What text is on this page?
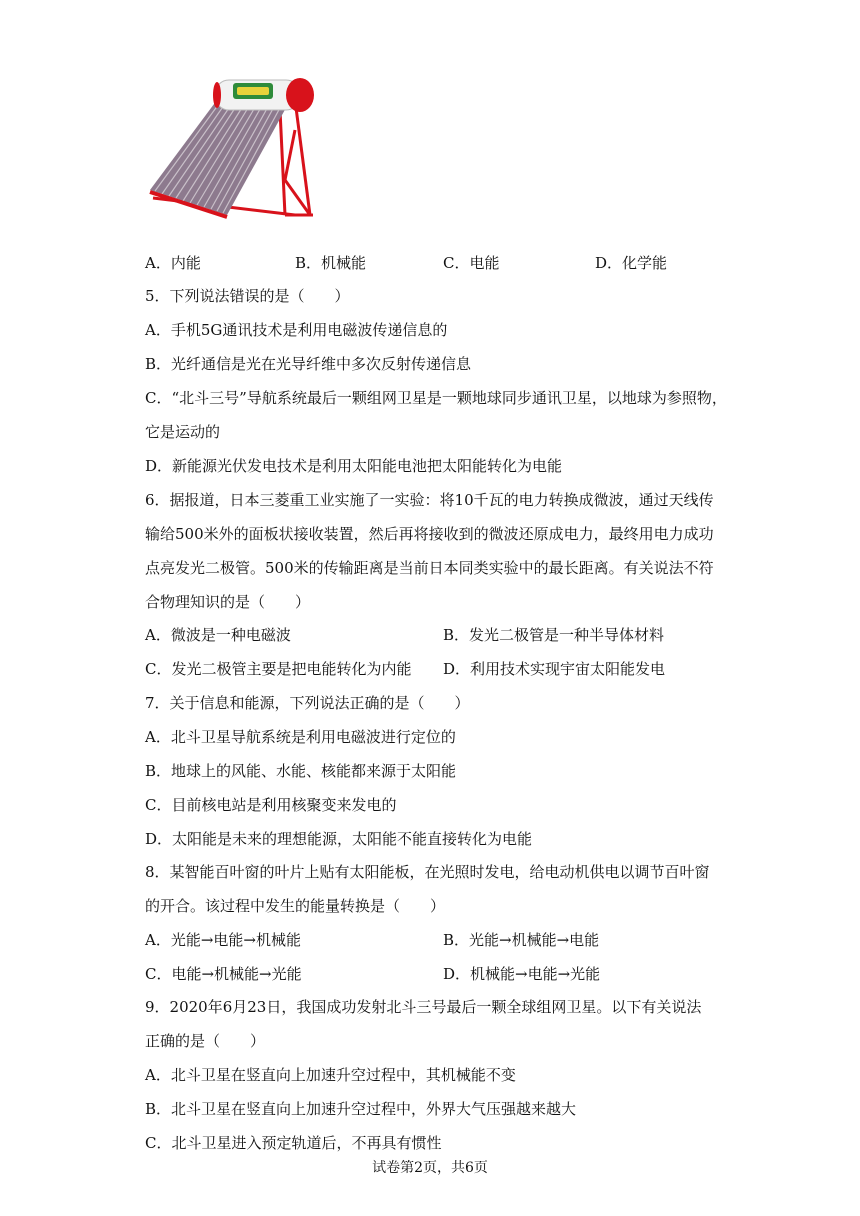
A．内能	B．机械能	C．电能	D．化学能
5．下列说法错误的是（　　）
A．手机5G通讯技术是利用电磁波传递信息的
B．光纤通信是光在光导纤维中多次反射传递信息
C．“北斗三号”导航系统最后一颗组网卫星是一颗地球同步通讯卫星，以地球为参照物，
它是运动的
D．新能源光伏发电技术是利用太阳能电池把太阳能转化为电能
6．据报道，日本三菱重工业实施了一实验：将10千瓦的电力转换成微波，通过天线传
输给500米外的面板状接收装置，然后再将接收到的微波还原成电力，最终用电力成功
点亮发光二极管。500米的传输距离是当前日本同类实验中的最长距离。有关说法不符
合物理知识的是（　　）
A．微波是一种电磁波	B．发光二极管是一种半导体材料
C．发光二极管主要是把电能转化为内能 D．利用技术实现宇宙太阳能发电
7．关于信息和能源，下列说法正确的是（　　）
A．北斗卫星导航系统是利用电磁波进行定位的
B．地球上的风能、水能、核能都来源于太阳能
C．目前核电站是利用核聚变来发电的
D．太阳能是未来的理想能源，太阳能不能直接转化为电能
8．某智能百叶窗的叶片上贴有太阳能板，在光照时发电，给电动机供电以调节百叶窗
的开合。该过程中发生的能量转换是（　　）
A．光能→电能→机械能	B．光能→机械能→电能
C．电能→机械能→光能	D．机械能→电能→光能
9．2020年6月23日，我国成功发射北斗三号最后一颗全球组网卫星。以下有关说法
正确的是（　　）
A．北斗卫星在竖直向上加速升空过程中，其机械能不变
B．北斗卫星在竖直向上加速升空过程中，外界大气压强越来越大
C．北斗卫星进入预定轨道后，不再具有惯性
试卷第2页，共6页
